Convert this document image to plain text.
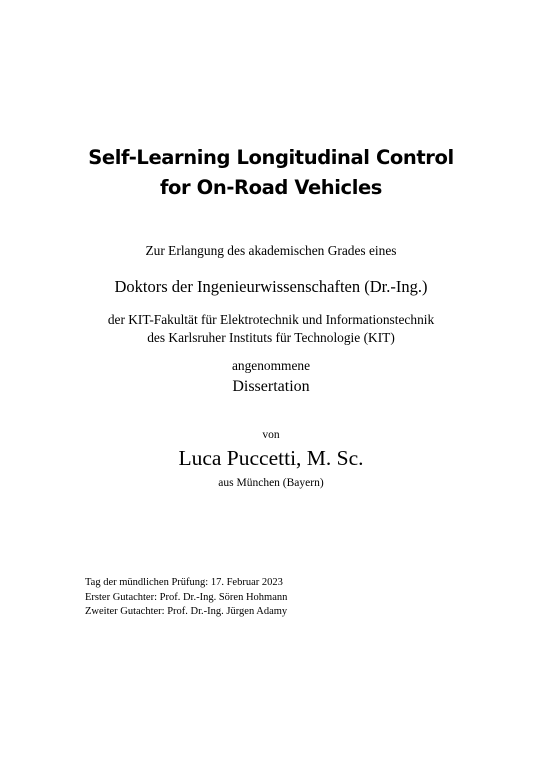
Self-Learning Longitudinal Control
for On-Road Vehicles
Zur Erlangung des akademischen Grades eines
Doktors der Ingenieurwissenschaften (Dr.-Ing.)
der KIT-Fakultät für Elektrotechnik und Informationstechnik
des Karlsruher Instituts für Technologie (KIT)
angenommene
Dissertation
von
Luca Puccetti, M. Sc.
aus München (Bayern)
Tag der mündlichen Prüfung: 17. Februar 2023
Erster Gutachter: Prof. Dr.-Ing. Sören Hohmann
Zweiter Gutachter: Prof. Dr.-Ing. Jürgen Adamy
